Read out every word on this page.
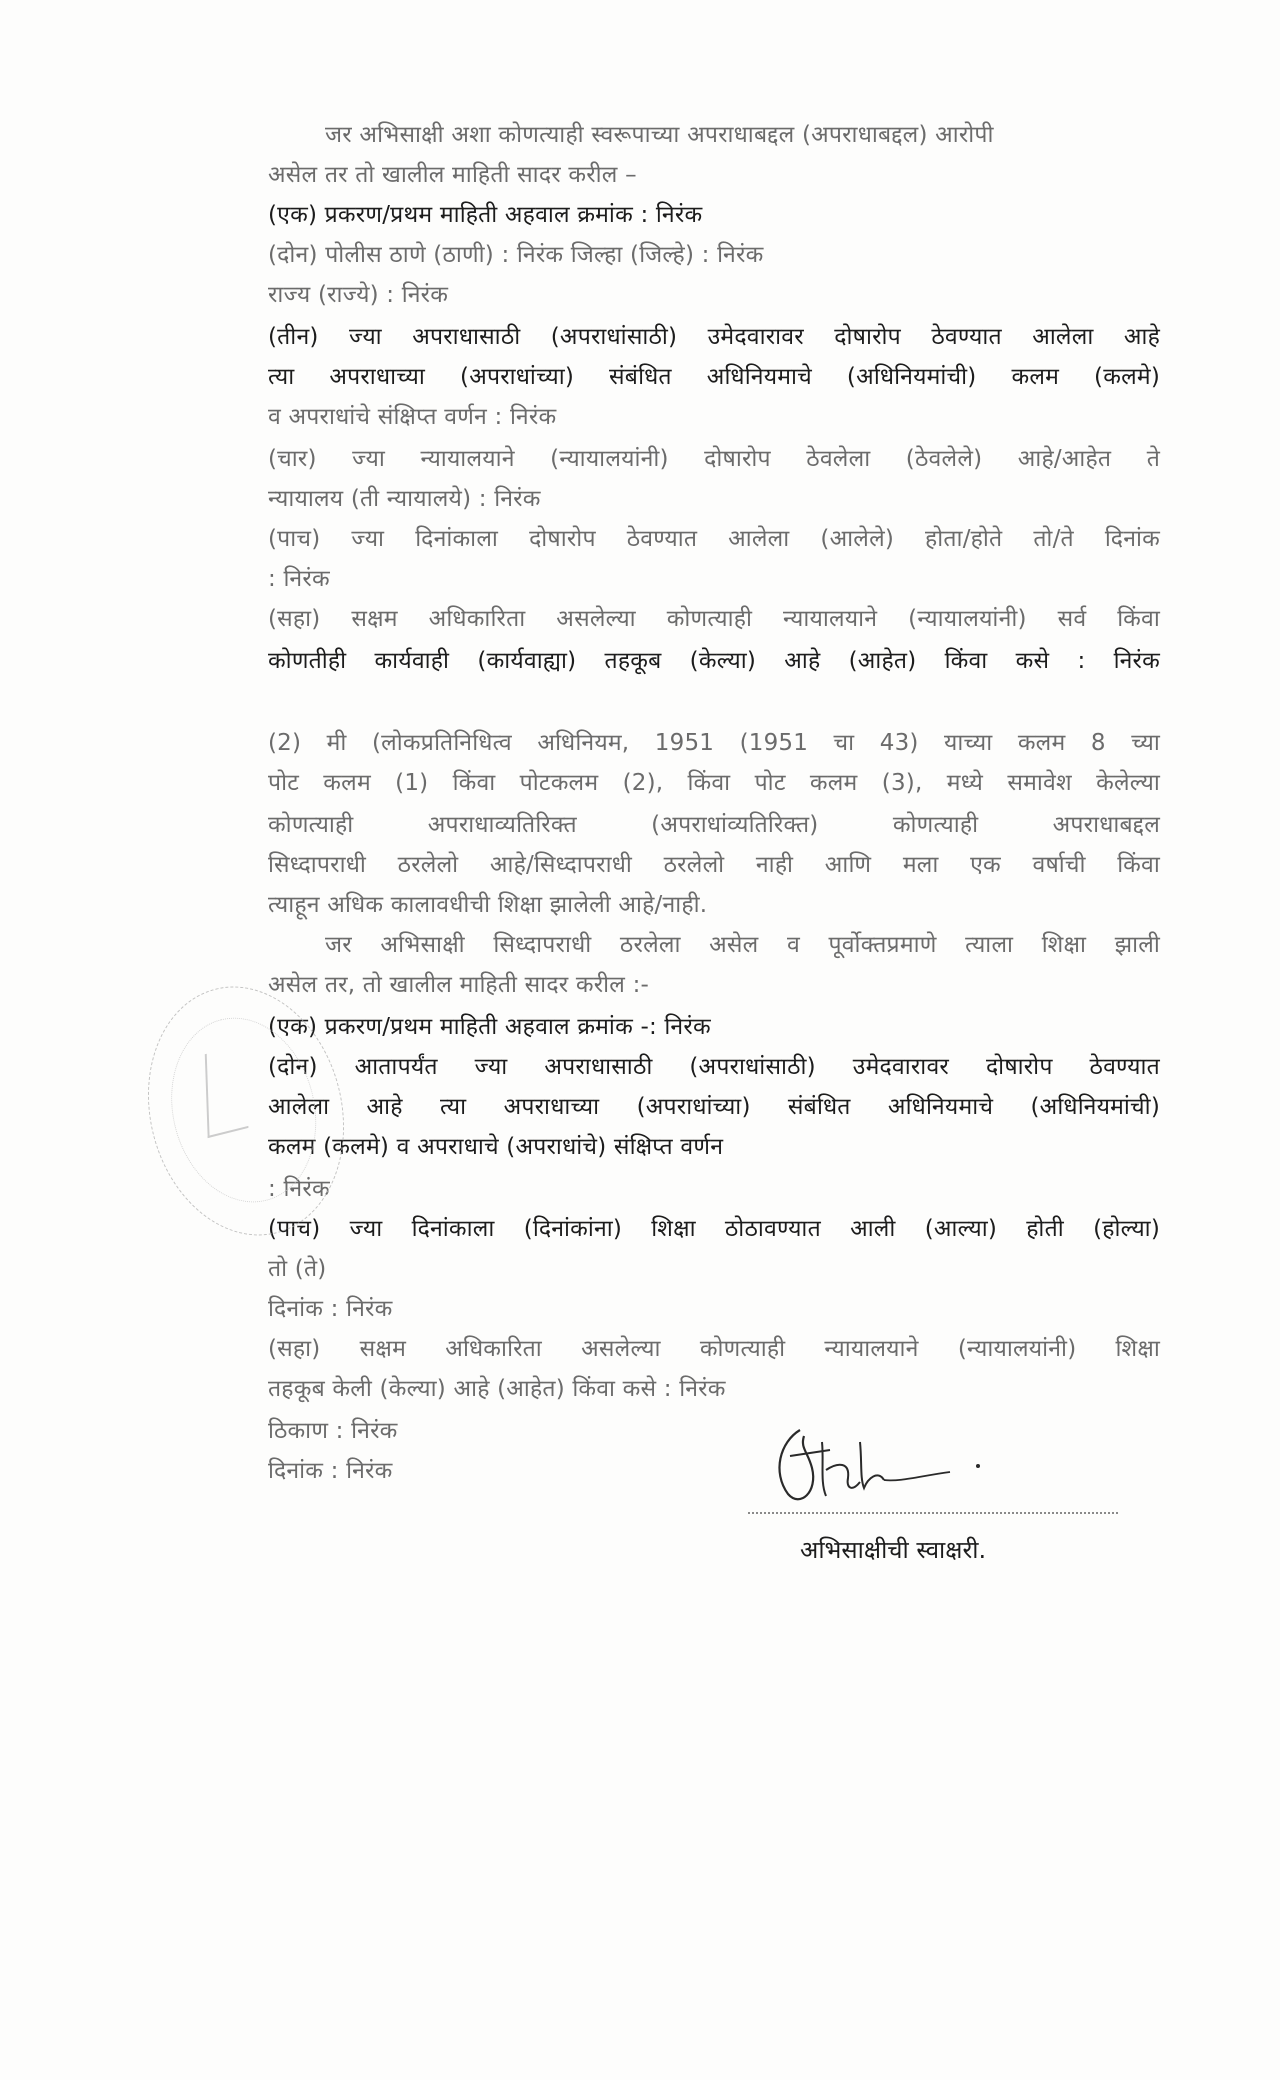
जर अभिसाक्षी अशा कोणत्याही स्वरूपाच्या अपराधाबद्दल (अपराधाबद्दल) आरोपी
असेल तर तो खालील माहिती सादर करील –
(एक) प्रकरण/प्रथम माहिती अहवाल क्रमांक : निरंक
(दोन) पोलीस ठाणे (ठाणी) : निरंक जिल्हा (जिल्हे) : निरंक
राज्य (राज्ये) : निरंक
(तीन) ज्या अपराधासाठी (अपराधांसाठी) उमेदवारावर दोषारोप ठेवण्यात आलेला आहे
त्या अपराधाच्या (अपराधांच्या) संबंधित अधिनियमाचे (अधिनियमांची) कलम (कलमे)
व अपराधांचे संक्षिप्त वर्णन : निरंक
(चार) ज्या न्यायालयाने (न्यायालयांनी) दोषारोप ठेवलेला (ठेवलेले) आहे/आहेत ते
न्यायालय (ती न्यायालये) : निरंक
(पाच) ज्या दिनांकाला दोषारोप ठेवण्यात आलेला (आलेले) होता/होते तो/ते दिनांक
: निरंक
(सहा) सक्षम अधिकारिता असलेल्या कोणत्याही न्यायालयाने (न्यायालयांनी) सर्व किंवा
कोणतीही कार्यवाही (कार्यवाह्या) तहकूब (केल्या) आहे (आहेत) किंवा कसे : निरंक
(2) मी (लोकप्रतिनिधित्व अधिनियम, 1951 (1951 चा 43) याच्या कलम 8 च्या
पोट कलम (1) किंवा पोटकलम (2), किंवा पोट कलम (3), मध्ये समावेश केलेल्या
कोणत्याही अपराधाव्यतिरिक्त (अपराधांव्यतिरिक्त) कोणत्याही अपराधाबद्दल
सिध्दापराधी ठरलेलो आहे/सिध्दापराधी ठरलेलो नाही आणि मला एक वर्षाची किंवा
त्याहून अधिक कालावधीची शिक्षा झालेली आहे/नाही.
जर अभिसाक्षी सिध्दापराधी ठरलेला असेल व पूर्वोक्तप्रमाणे त्याला शिक्षा झाली
असेल तर, तो खालील माहिती सादर करील :-
(एक) प्रकरण/प्रथम माहिती अहवाल क्रमांक -: निरंक
(दोन) आतापर्यंत ज्या अपराधासाठी (अपराधांसाठी) उमेदवारावर दोषारोप ठेवण्यात
आलेला आहे त्या अपराधाच्या (अपराधांच्या) संबंधित अधिनियमाचे (अधिनियमांची)
कलम (कलमे) व अपराधाचे (अपराधांचे) संक्षिप्त वर्णन
: निरंक
(पाच) ज्या दिनांकाला (दिनांकांना) शिक्षा ठोठावण्यात आली (आल्या) होती (होल्या)
तो (ते)
दिनांक : निरंक
(सहा) सक्षम अधिकारिता असलेल्या कोणत्याही न्यायालयाने (न्यायालयांनी) शिक्षा
तहकूब केली (केल्या) आहे (आहेत) किंवा कसे : निरंक
ठिकाण : निरंक
दिनांक : निरंक
अभिसाक्षीची स्वाक्षरी.
